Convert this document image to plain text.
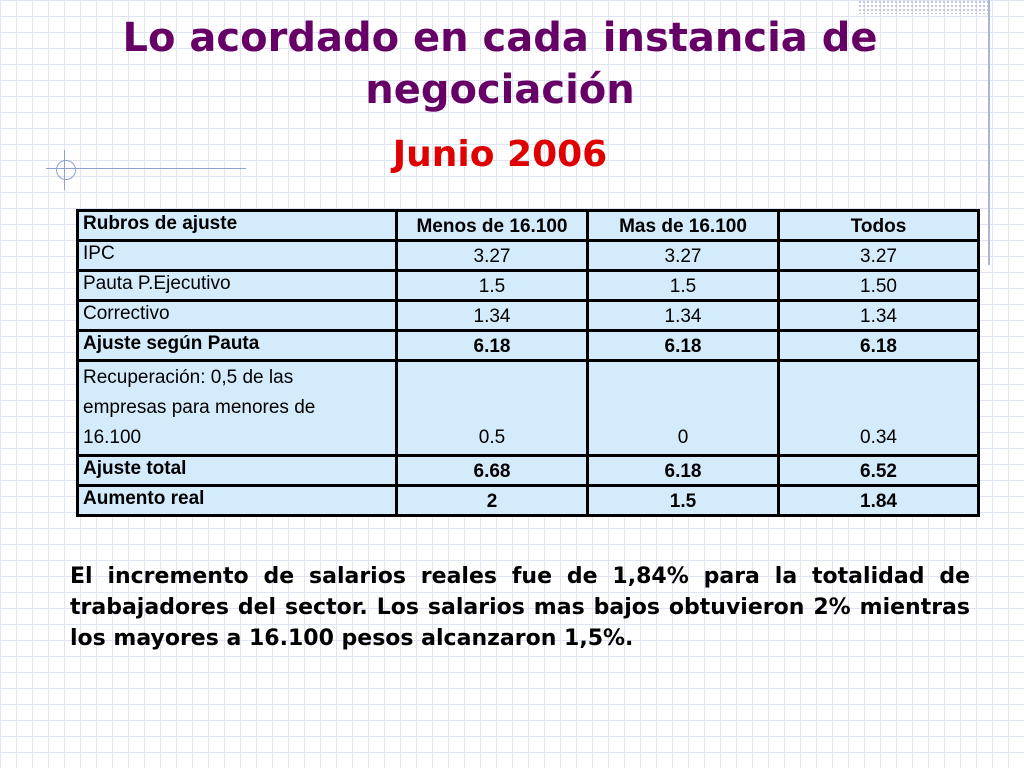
Lo acordado en cada instancia de
negociación
Junio 2006
Rubros de ajuste	Menos de 16.100	Mas de 16.100	Todos
IPC	3.27	3.27	3.27
Pauta P.Ejecutivo	1.5	1.5	1.50
Correctivo	1.34	1.34	1.34
Ajuste según Pauta	6.18	6.18	6.18

Recuperación: 0,5 de las
empresas para menores de
16.100	0.5	0	0.34
Ajuste total	6.68	6.18	6.52
Aumento real	2	1.5	1.84
El incremento de salarios reales fue de 1,84% para la totalidad de trabajadores del sector. Los salarios mas bajos obtuvieron 2% mientras los mayores a 16.100 pesos alcanzaron 1,5%.
